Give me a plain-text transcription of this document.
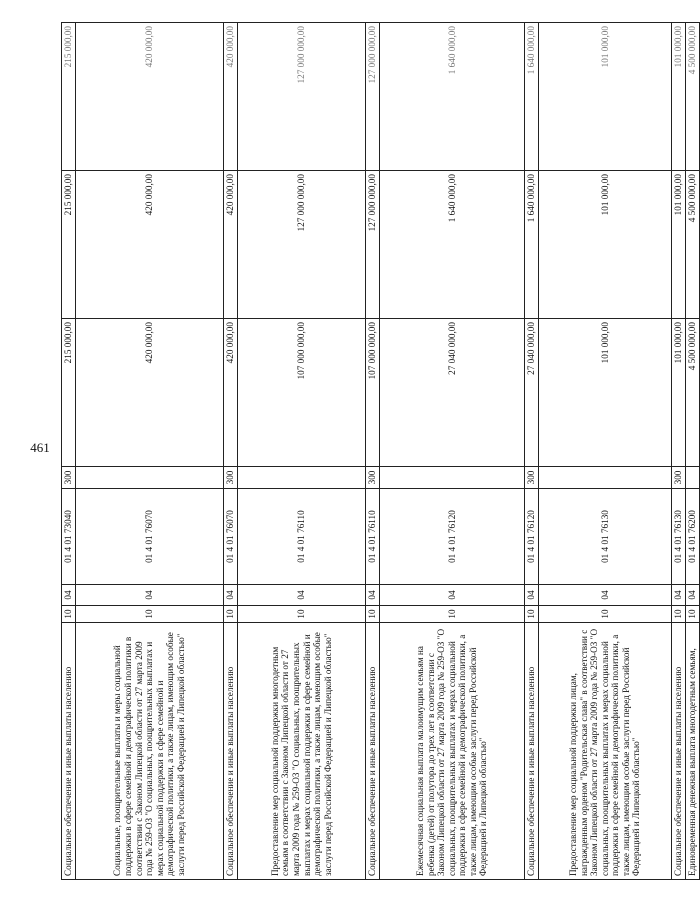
461
Социальное обеспечение и иные выплаты населению	10	04	01 4 01 73040	300	215 000,00	215 000,00	215 000,00
Социальные, поощрительные выплаты и меры социальной поддержки в сфере семейной и демографической политики в соответствии с Законом Липецкой области от 27 марта 2009 года № 259-ОЗ "О социальных, поощрительных выплатах и мерах социальной поддержки в сфере семейной и демографической политики, а также лицам, имеющим особые заслуги перед Российской Федерацией и Липецкой областью"	10	04	01 4 01 76070		420 000,00	420 000,00	420 000,00
Социальное обеспечение и иные выплаты населению	10	04	01 4 01 76070	300	420 000,00	420 000,00	420 000,00
Предоставление мер социальной поддержки многодетным семьям в соответствии с Законом Липецкой области от 27 марта 2009 года № 259-ОЗ "О социальных, поощрительных выплатах и мерах социальной поддержки в сфере семейной и демографической политики, а также лицам, имеющим особые заслуги перед Российской Федерацией и Липецкой областью"	10	04	01 4 01 76110		107 000 000,00	127 000 000,00	127 000 000,00
Социальное обеспечение и иные выплаты населению	10	04	01 4 01 76110	300	107 000 000,00	127 000 000,00	127 000 000,00
Ежемесячная социальная выплата малоимущим семьям на ребенка (детей) от полутора до трех лет в соответствии с Законом Липецкой области от 27 марта 2009 года № 259-ОЗ "О социальных, поощрительных выплатах и мерах социальной поддержки в сфере семейной и демографической политики, а также лицам, имеющим особые заслуги перед Российской Федерацией и Липецкой областью"	10	04	01 4 01 76120		27 040 000,00	1 640 000,00	1 640 000,00
Социальное обеспечение и иные выплаты населению	10	04	01 4 01 76120	300	27 040 000,00	1 640 000,00	1 640 000,00
Предоставление мер социальной поддержки лицам, награжденным орденом "Родительская слава" в соответствии с Законом Липецкой области от 27 марта 2009 года № 259-ОЗ "О социальных, поощрительных выплатах и мерах социальной поддержки в сфере семейной и демографической политики, а также лицам, имеющим особые заслуги перед Российской Федерацией и Липецкой областью"	10	04	01 4 01 76130		101 000,00	101 000,00	101 000,00
Социальное обеспечение и иные выплаты населению	10	04	01 4 01 76130	300	101 000,00	101 000,00	101 000,00
Единовременная денежная выплата многодетным семьям,	10	04	01 4 01 76200		4 500 000,00	4 500 000,00	4 500 000,00
